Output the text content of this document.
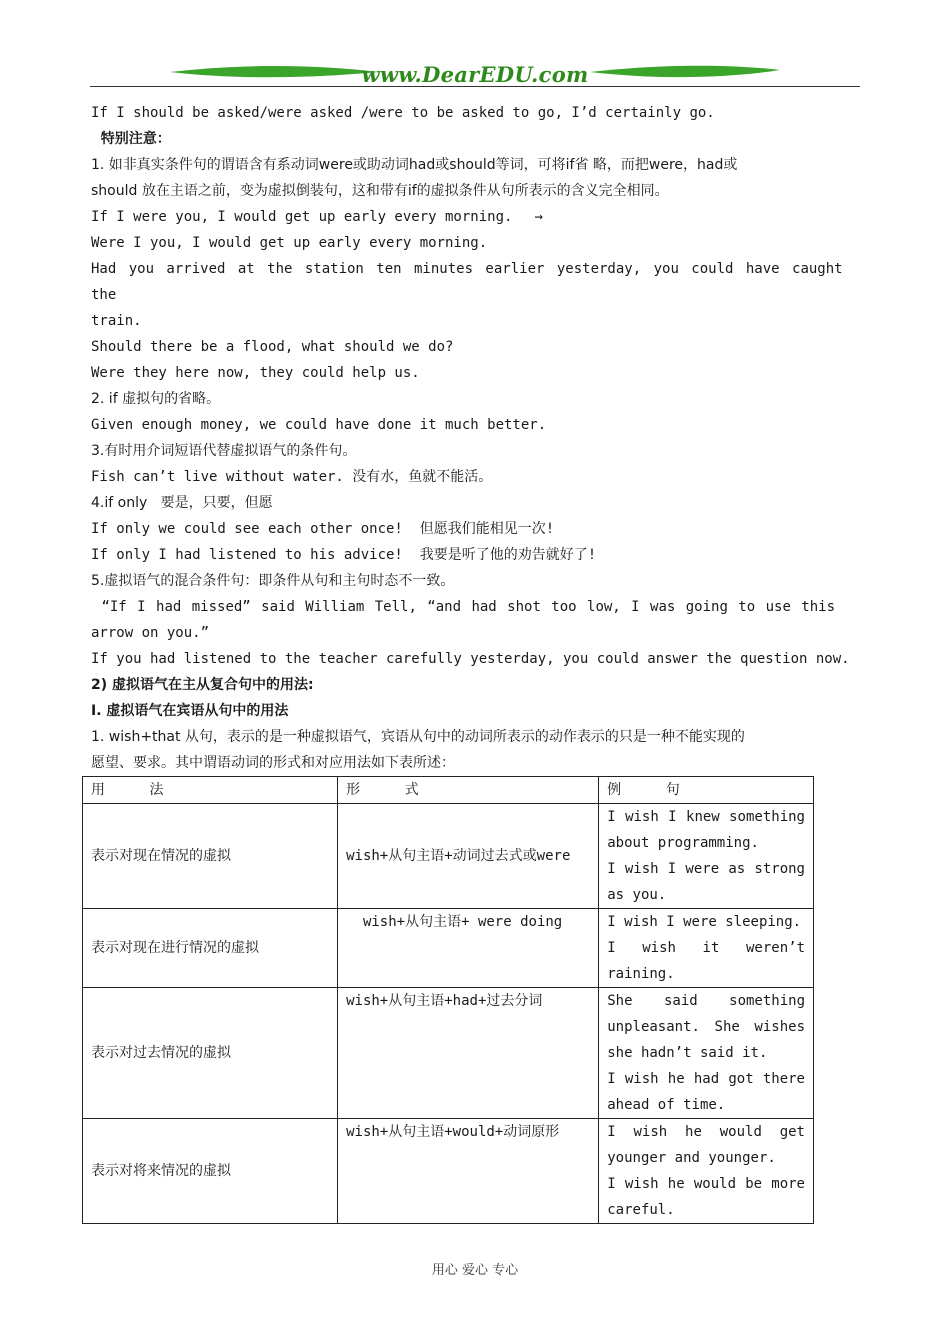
www.DearEDU.com

If I should be asked/were asked /were to be asked to go, I’d certainly go.

特别注意：

1. 如非真实条件句的谓语含有系动词were或助动词had或should等词，可将if省 略，而把were，had或

should 放在主语之前，变为虚拟倒装句，这和带有if的虚拟条件从句所表示的含义完全相同。

If I were you, I would get up early every morning. →

Were I you, I would get up early every morning.

Had you arrived at the station ten minutes earlier yesterday, you could have caught the

train.

Should there be a flood, what should we do?

Were they here now, they could help us.

2. if 虚拟句的省略。

Given enough money, we could have done it much better.

3.有时用介词短语代替虚拟语气的条件句。

Fish can’t live without water. 没有水，鱼就不能活。

4.if only   要是，只要，但愿

If only we could see each other once!  但愿我们能相见一次!

If only I had listened to his advice!  我要是听了他的劝告就好了!

5.虚拟语气的混合条件句：即条件从句和主句时态不一致。

“If I had missed” said William Tell, “and had shot too low, I was going to use this

arrow on you.”

If you had listened to the teacher carefully yesterday, you could answer the question now.

2) 虚拟语气在主从复合句中的用法:

I. 虚拟语气在宾语从句中的用法

1. wish+that 从句，表示的是一种虚拟语气，宾语从句中的动词所表示的动作表示的只是一种不能实现的

愿望、要求。其中谓语动词的形式和对应用法如下表所述：

用          法	形          式	例          句
表示对现在情况的虚拟	wish+从句主语+动词过去式或were	I wish I knew something about programming.
I wish I were as strong as you.
表示对现在进行情况的虚拟	wish+从句主语+ were doing	I wish I were sleeping.
I wish it weren’t raining.
表示对过去情况的虚拟	wish+从句主语+had+过去分词	She said something unpleasant. She wishes she hadn’t said it.
I wish he had got there ahead of time.
表示对将来情况的虚拟	wish+从句主语+would+动词原形	I wish he would get younger and younger.
I wish he would be more careful.
用心 爱心 专心
